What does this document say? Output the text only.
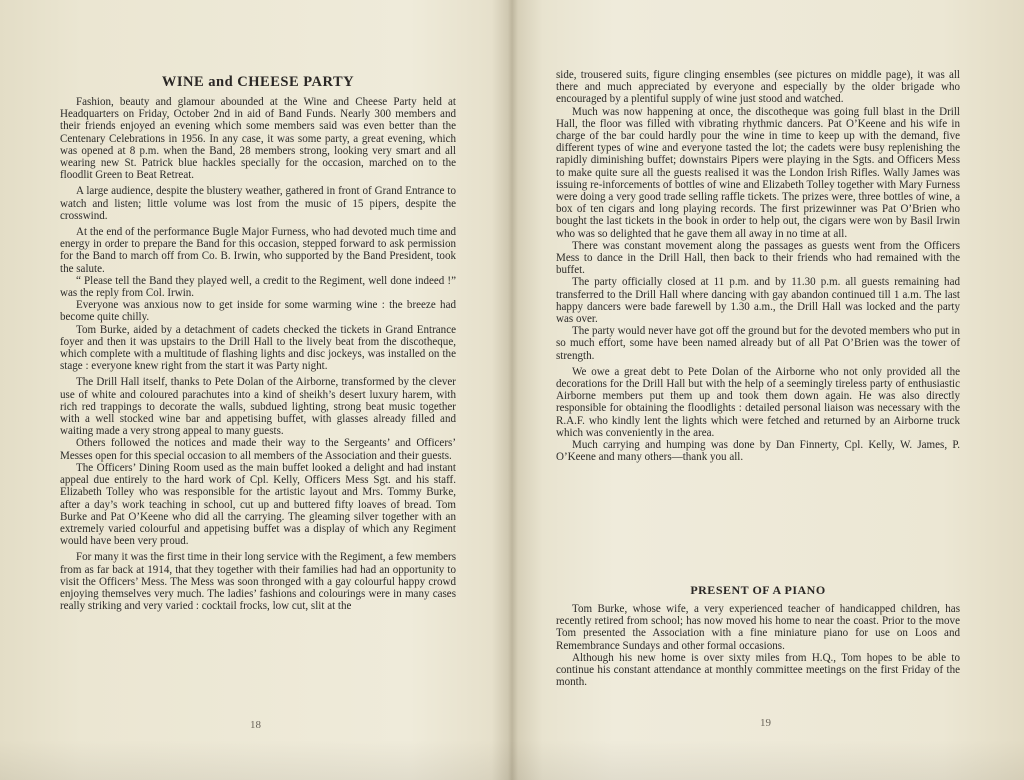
WINE and CHEESE PARTY

Fashion, beauty and glamour abounded at the Wine and Cheese Party held at Headquarters on Friday, October 2nd in aid of Band Funds. Nearly 300 members and their friends enjoyed an evening which some members said was even better than the Centenary Celebrations in 1956. In any case, it was some party, a great evening, which was opened at 8 p.m. when the Band, 28 members strong, looking very smart and all wearing new St. Patrick blue hackles specially for the occasion, marched on to the floodlit Green to Beat Retreat.

A large audience, despite the blustery weather, gathered in front of Grand Entrance to watch and listen; little volume was lost from the music of 15 pipers, despite the crosswind.

At the end of the performance Bugle Major Furness, who had devoted much time and energy in order to prepare the Band for this occasion, stepped forward to ask permission for the Band to march off from Co. B. Irwin, who supported by the Band President, took the salute.

“ Please tell the Band they played well, a credit to the Regiment, well done indeed !” was the reply from Col. Irwin.

Everyone was anxious now to get inside for some warming wine : the breeze had become quite chilly.

Tom Burke, aided by a detachment of cadets checked the tickets in Grand Entrance foyer and then it was upstairs to the Drill Hall to the lively beat from the discotheque, which complete with a multitude of flashing lights and disc jockeys, was installed on the stage : everyone knew right from the start it was Party night.

The Drill Hall itself, thanks to Pete Dolan of the Airborne, transformed by the clever use of white and coloured parachutes into a kind of sheikh’s desert luxury harem, with rich red trappings to decorate the walls, subdued lighting, strong beat music together with a well stocked wine bar and appetising buffet, with glasses already filled and waiting made a very strong appeal to many guests.

Others followed the notices and made their way to the Sergeants’ and Officers’ Messes open for this special occasion to all members of the Association and their guests.

The Officers’ Dining Room used as the main buffet looked a delight and had instant appeal due entirely to the hard work of Cpl. Kelly, Officers Mess Sgt. and his staff. Elizabeth Tolley who was responsible for the artistic layout and Mrs. Tommy Burke, after a day’s work teaching in school, cut up and buttered fifty loaves of bread. Tom Burke and Pat O’Keene who did all the carrying. The gleaming silver together with an extremely varied colourful and appetising buffet was a display of which any Regiment would have been very proud.

For many it was the first time in their long service with the Regiment, a few members from as far back at 1914, that they together with their families had had an opportunity to visit the Officers’ Mess. The Mess was soon thronged with a gay colourful happy crowd enjoying themselves very much. The ladies’ fashions and colourings were in many cases really striking and very varied : cocktail frocks, low cut, slit at the

18

side, trousered suits, figure clinging ensembles (see pictures on middle page), it was all there and much appreciated by everyone and especially by the older brigade who encouraged by a plentiful supply of wine just stood and watched.

Much was now happening at once, the discotheque was going full blast in the Drill Hall, the floor was filled with vibrating rhythmic dancers. Pat O’Keene and his wife in charge of the bar could hardly pour the wine in time to keep up with the demand, five different types of wine and everyone tasted the lot; the cadets were busy replenishing the rapidly diminishing buffet; downstairs Pipers were playing in the Sgts. and Officers Mess to make quite sure all the guests realised it was the London Irish Rifles. Wally James was issuing re-inforcements of bottles of wine and Elizabeth Tolley together with Mary Furness were doing a very good trade selling raffle tickets. The prizes were, three bottles of wine, a box of ten cigars and long playing records. The first prizewinner was Pat O’Brien who bought the last tickets in the book in order to help out, the cigars were won by Basil Irwin who was so delighted that he gave them all away in no time at all.

There was constant movement along the passages as guests went from the Officers Mess to dance in the Drill Hall, then back to their friends who had remained with the buffet.

The party officially closed at 11 p.m. and by 11.30 p.m. all guests remaining had transferred to the Drill Hall where dancing with gay abandon continued till 1 a.m. The last happy dancers were bade farewell by 1.30 a.m., the Drill Hall was locked and the party was over.

The party would never have got off the ground but for the devoted members who put in so much effort, some have been named already but of all Pat O’Brien was the tower of strength.

We owe a great debt to Pete Dolan of the Airborne who not only provided all the decorations for the Drill Hall but with the help of a seemingly tireless party of enthusiastic Airborne members put them up and took them down again. He was also directly responsible for obtaining the floodlights : detailed personal liaison was necessary with the R.A.F. who kindly lent the lights which were fetched and returned by an Airborne truck which was conveniently in the area.

Much carrying and humping was done by Dan Finnerty, Cpl. Kelly, W. James, P. O’Keene and many others—thank you all.

PRESENT OF A PIANO

Tom Burke, whose wife, a very experienced teacher of handicapped children, has recently retired from school; has now moved his home to near the coast. Prior to the move Tom presented the Association with a fine miniature piano for use on Loos and Remembrance Sundays and other formal occasions.

Although his new home is over sixty miles from H.Q., Tom hopes to be able to continue his constant attendance at monthly committee meetings on the first Friday of the month.

19
